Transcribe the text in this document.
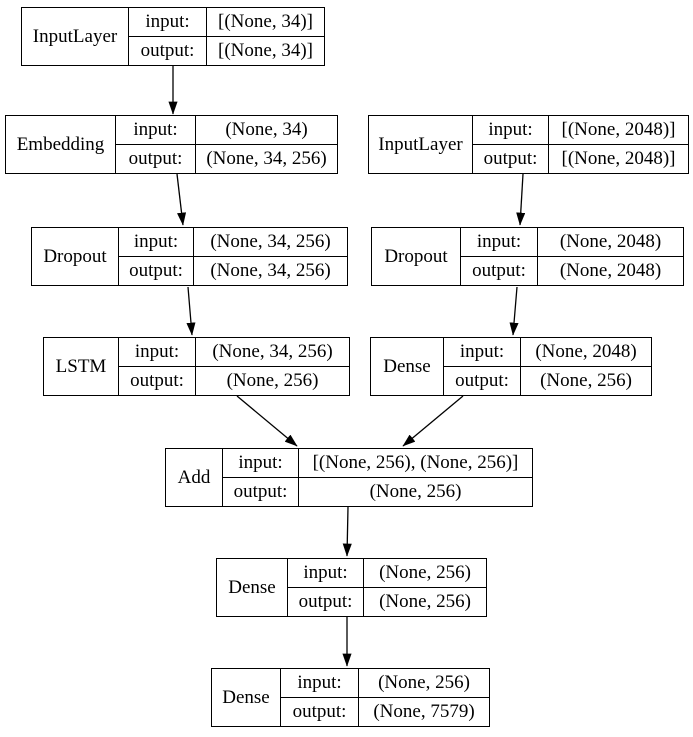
InputLayer
input:	[(None, 34)]
output:	[(None, 34)]
Embedding
input:	(None, 34)
output:	(None, 34, 256)
InputLayer
input:	[(None, 2048)]
output:	[(None, 2048)]
Dropout
input:	(None, 34, 256)
output:	(None, 34, 256)
Dropout
input:	(None, 2048)
output:	(None, 2048)
LSTM
input:	(None, 34, 256)
output:	(None, 256)
Dense
input:	(None, 2048)
output:	(None, 256)
Add
input:	[(None, 256), (None, 256)]
output:	(None, 256)
Dense
input:	(None, 256)
output:	(None, 256)
Dense
input:	(None, 256)
output:	(None, 7579)
